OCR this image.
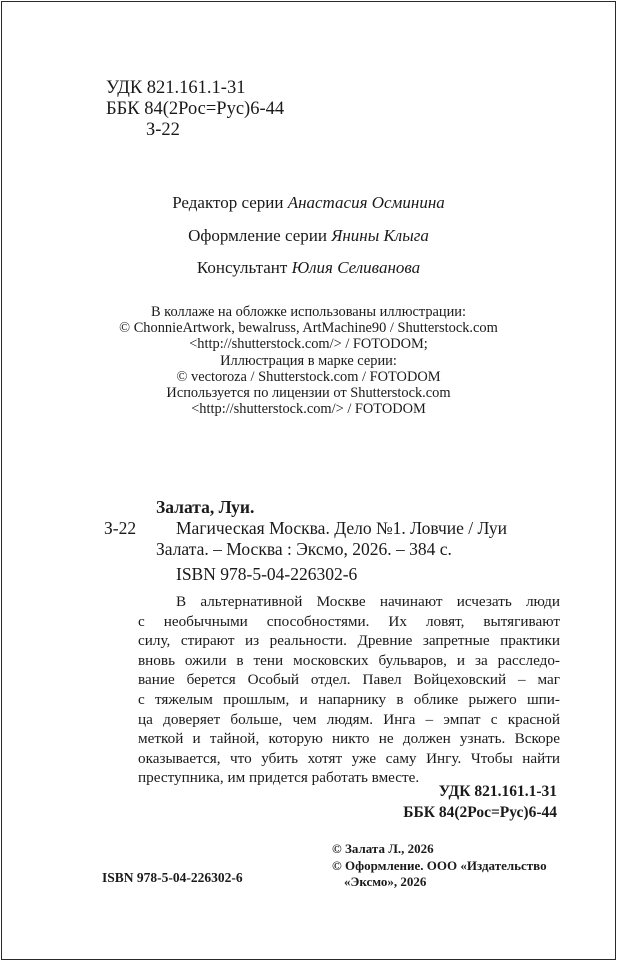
УДК 821.161.1-31
ББК 84(2Рос=Рус)6-44
З-22
Редактор серии Анастасия Осминина
Оформление серии Янины Клыга
Консультант Юлия Селиванова
В коллаже на обложке использованы иллюстрации:
© ChonnieArtwork, bewalruss, ArtMachine90 / Shutterstock.com
<http://shutterstock.com/> / FOTODOM;
Иллюстрация в марке серии:
© vectoroza / Shutterstock.com / FOTODOM
Используется по лицензии от Shutterstock.com
<http://shutterstock.com/> / FOTODOM
Залата, Луи.
З-22 Магическая Москва. Дело №1. Ловчие / Луи
Залата. – Москва : Эксмо, 2026. – 384 с.
ISBN 978-5-04-226302-6
В альтернативной Москве начинают исчезать люди
с необычными способностями. Их ловят, вытягивают
силу, стирают из реальности. Древние запретные практики
вновь ожили в тени московских бульваров, и за расследо-
вание берется Особый отдел. Павел Войцеховский – маг
с тяжелым прошлым, и напарнику в облике рыжего шпи-
ца доверяет больше, чем людям. Инга – эмпат с красной
меткой и тайной, которую никто не должен узнать. Вскоре
оказывается, что убить хотят уже саму Ингу. Чтобы найти
преступника, им придется работать вместе.
УДК 821.161.1-31
ББК 84(2Рос=Рус)6-44
© Залата Л., 2026
© Оформление. ООО «Издательство
«Эксмо», 2026
ISBN 978-5-04-226302-6
